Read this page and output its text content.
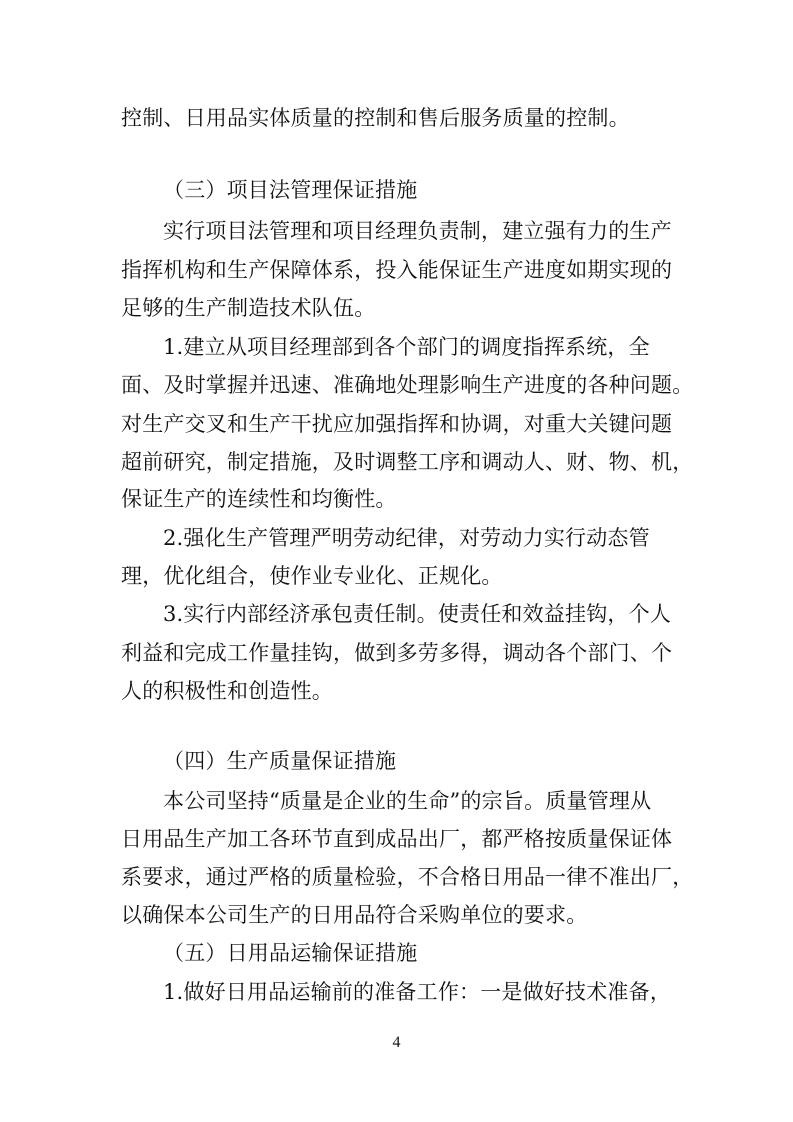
控制、日用品实体质量的控制和售后服务质量的控制。
（三）项目法管理保证措施
实行项目法管理和项目经理负责制，建立强有力的生产
指挥机构和生产保障体系，投入能保证生产进度如期实现的
足够的生产制造技术队伍。
1.建立从项目经理部到各个部门的调度指挥系统，全
面、及时掌握并迅速、准确地处理影响生产进度的各种问题。
对生产交叉和生产干扰应加强指挥和协调，对重大关键问题
超前研究，制定措施，及时调整工序和调动人、财、物、机，
保证生产的连续性和均衡性。
2.强化生产管理严明劳动纪律，对劳动力实行动态管
理，优化组合，使作业专业化、正规化。
3.实行内部经济承包责任制。使责任和效益挂钩，个人
利益和完成工作量挂钩，做到多劳多得，调动各个部门、个
人的积极性和创造性。
（四）生产质量保证措施
本公司坚持“质量是企业的生命”的宗旨。质量管理从
日用品生产加工各环节直到成品出厂，都严格按质量保证体
系要求，通过严格的质量检验，不合格日用品一律不准出厂，
以确保本公司生产的日用品符合采购单位的要求。
（五）日用品运输保证措施
1.做好日用品运输前的准备工作：一是做好技术准备，
4
